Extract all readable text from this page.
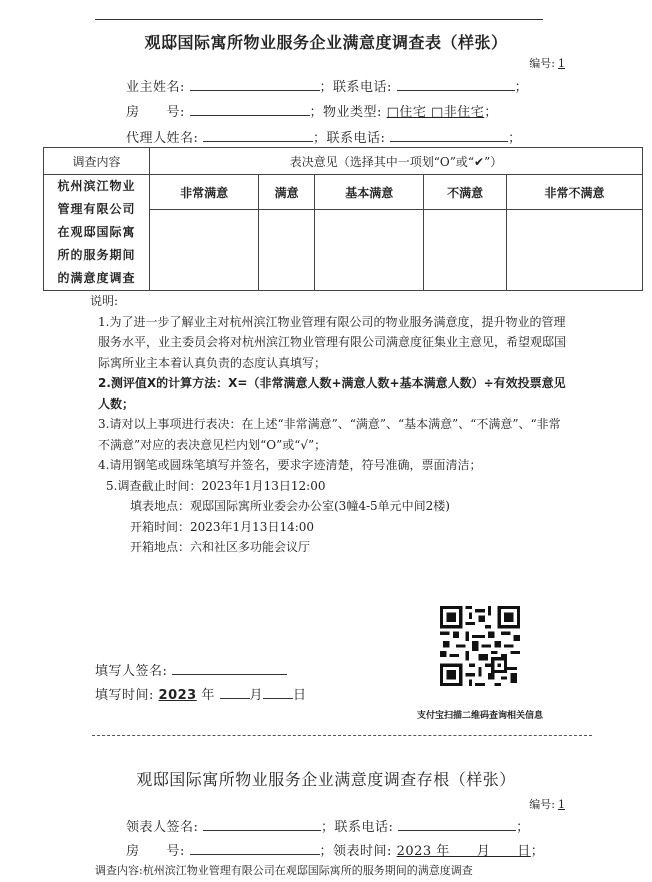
观邸国际寓所物业服务企业满意度调查表（样张）
编号: 1
业主姓名:	；联系电话:	；
房　　号:	；物业类型: □住宅 □非住宅；
代理人姓名:	；联系电话:	；
调查内容	表决意见（选择其中一项划“O”或“✔”）				

杭州滨江物业
管理有限公司
在观邸国际寓
所的服务期间
的满意度调查	非常满意	满意	基本满意	不满意	非常不满意

说明:

1.为了进一步了解业主对杭州滨江物业管理有限公司的物业服务满意度，提升物业的管理服务水平，业主委员会将对杭州滨江物业管理有限公司满意度征集业主意见，希望观邸国际寓所业主本着认真负责的态度认真填写；

2.测评值X的计算方法：X=（非常满意人数+满意人数+基本满意人数）÷有效投票意见人数；

3.请对以上事项进行表决：在上述“非常满意”、“满意”、“基本满意”、“不满意”、“非常不满意”对应的表决意见栏内划“O”或“√”；

4.请用钢笔或圆珠笔填写并签名，要求字迹清楚，符号准确，票面清洁；

5.调查截止时间：2023年1月13日12:00

填表地点：观邸国际寓所业委会办公室(3幢4-5单元中间2楼)

开箱时间：2023年1月13日14:00

开箱地点：六和社区多功能会议厅

填写人签名:
填写时间: 2023 年	月 日
支付宝扫描二维码查询相关信息
观邸国际寓所物业服务企业满意度调查存根（样张）
编号: 1
领表人签名:	；联系电话:	；
房　　号:	；领表时间: 2023 年　　月　　日；
调查内容:杭州滨江物业管理有限公司在观邸国际寓所的服务期间的满意度调查
